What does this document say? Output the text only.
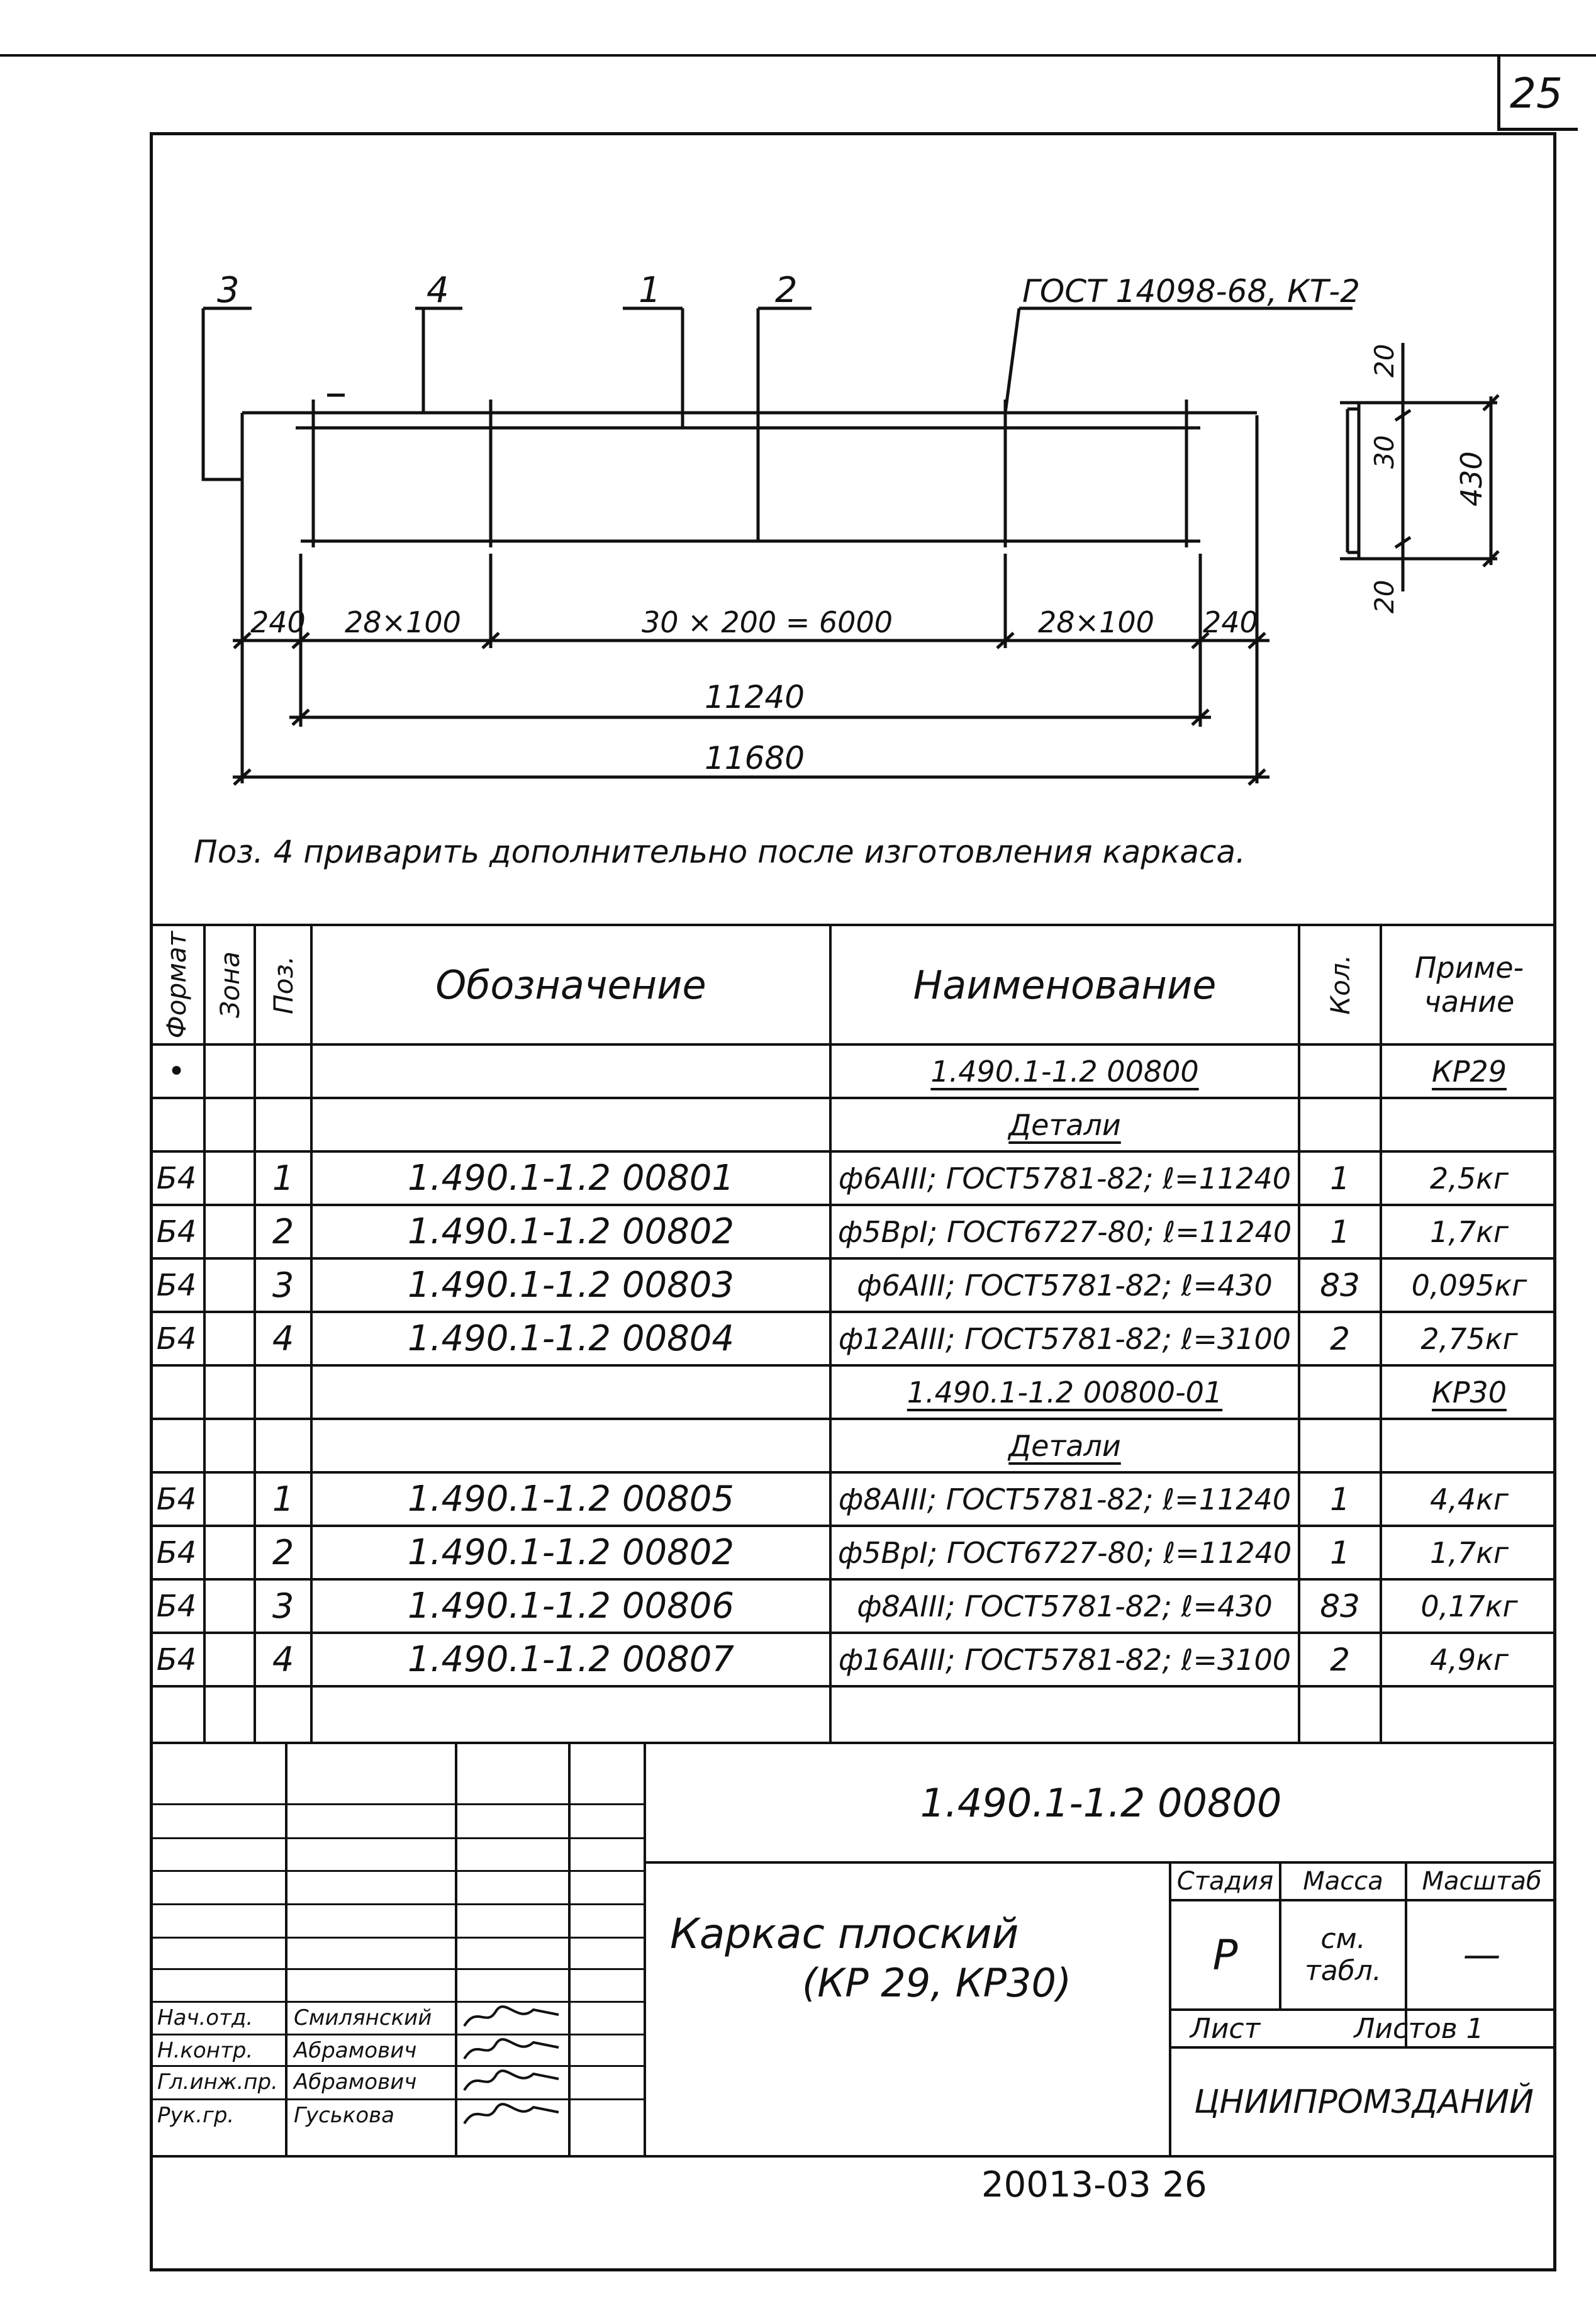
25
3	4	1	2	ГОСТ 14098-68, КТ-2
240 28×100	30 × 200 = 6000	28×100 240
11240
11680
20
30 430
20
Поз. 4 приварить дополнительно после изготовления каркаса.
Формат Зона Поз.	Обозначение	Наименование	Кол.	Приме-чание
•	1.490.1-1.2 00800	КР29
Детали
Б4	1	1.490.1-1.2 00801	ф6АIII; ГОСТ5781-82; ℓ=11240	1	2,5кг
Б4	2	1.490.1-1.2 00802	ф5ВрI; ГОСТ6727-80; ℓ=11240	1	1,7кг
Б4	3	1.490.1-1.2 00803	ф6АIII; ГОСТ5781-82; ℓ=430	83	0,095кг
Б4	4	1.490.1-1.2 00804	ф12АIII; ГОСТ5781-82; ℓ=3100	2	2,75кг
1.490.1-1.2 00800-01	КР30
Детали
Б4	1	1.490.1-1.2 00805	ф8АIII; ГОСТ5781-82; ℓ=11240	1	4,4кг
Б4	2	1.490.1-1.2 00802	ф5ВрI; ГОСТ6727-80; ℓ=11240	1	1,7кг
Б4	3	1.490.1-1.2 00806	ф8АIII; ГОСТ5781-82; ℓ=430	83	0,17кг
Б4	4	1.490.1-1.2 00807	ф16АIII; ГОСТ5781-82; ℓ=3100	2	4,9кг
1.490.1-1.2 00800
Каркас плоский
(КР 29, КР30)
Стадия	Масса	Масштаб
Р	см. табл.	—
Лист	Листов 1
ЦНИИПРОМЗДАНИЙ
Нач.отд.	Смилянский
Н.контр.	Абрамович
Гл.инж.пр. Абрамович
Рук.гр.	Гуськова
20013-03 26
